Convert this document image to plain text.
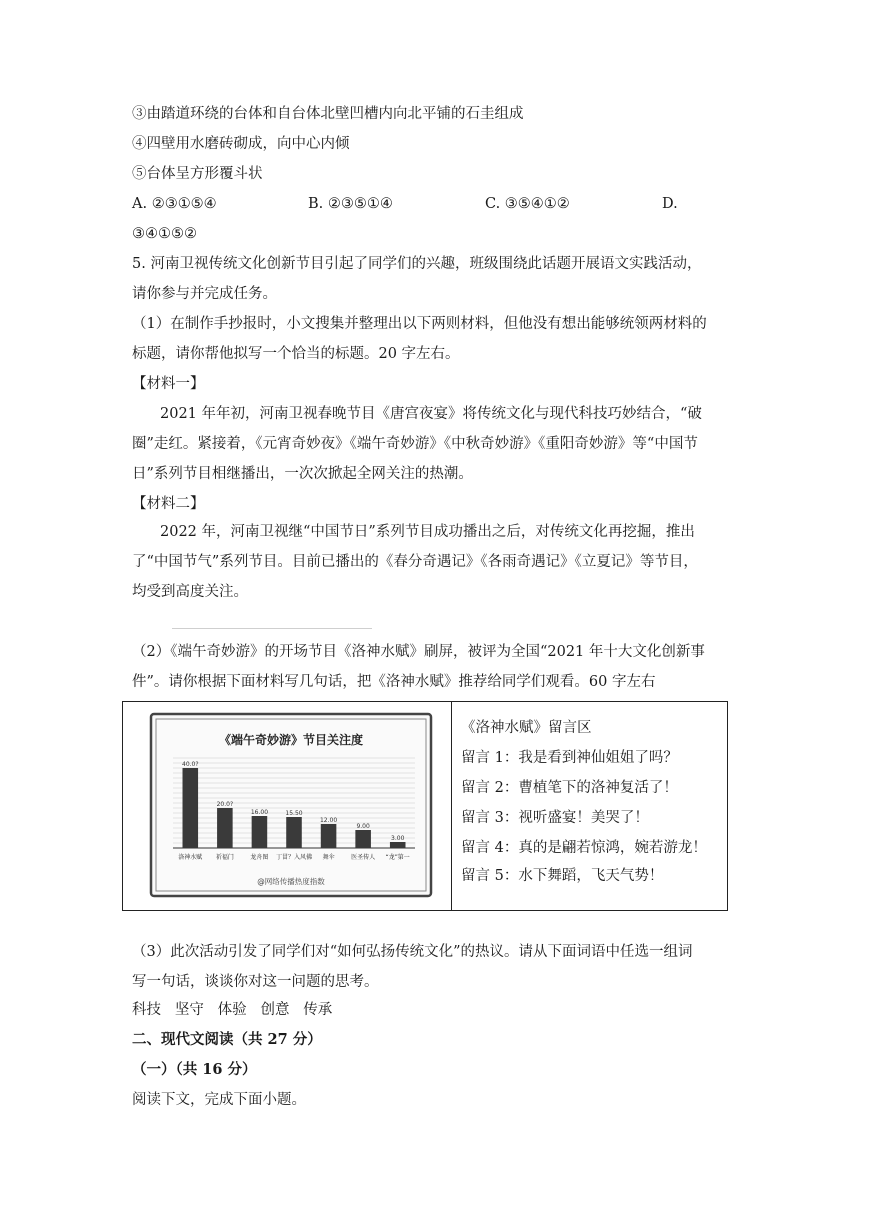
③由踏道环绕的台体和自台体北壁凹槽内向北平铺的石圭组成
④四壁用水磨砖砌成，向中心内倾
⑤台体呈方形覆斗状
A. ②③①⑤④	B. ②③⑤①④	C. ③⑤④①②	D.
③④①⑤②
5. 河南卫视传统文化创新节目引起了同学们的兴趣，班级围绕此话题开展语文实践活动，
请你参与并完成任务。
（1）在制作手抄报时，小文搜集并整理出以下两则材料，但他没有想出能够统领两材料的
标题，请你帮他拟写一个恰当的标题。20 字左右。
【材料一】
2021 年年初，河南卫视春晚节目《唐宫夜宴》将传统文化与现代科技巧妙结合，“破
圈”走红。紧接着，《元宵奇妙夜》《端午奇妙游》《中秋奇妙游》《重阳奇妙游》等“中国节
日”系列节目相继播出，一次次掀起全网关注的热潮。
【材料二】
2022 年，河南卫视继“中国节日”系列节目成功播出之后，对传统文化再挖掘，推出
了“中国节气”系列节目。目前已播出的《春分奇遇记》《各雨奇遇记》《立夏记》等节目，
均受到高度关注。
（2）《端午奇妙游》的开场节目《洛神水赋》刷屏，被评为全国“2021 年十大文化创新事
件”。请你根据下面材料写几句话，把《洛神水赋》推荐给同学们观看。60 字左右
《端午奇妙游》节目关注度
40.0?
20.0?
16.00	15.50
12.00
9.00
3.00
洛神水赋 祈福门	龙舟图 丁冒？入风佛 舞伞	医圣传人 “龙”第一
@网络传播热度指数
《洛神水赋》留言区
留言 1：我是看到神仙姐姐了吗？
留言 2：曹植笔下的洛神复活了！
留言 3：视听盛宴！美哭了！
留言 4：真的是翩若惊鸿，婉若游龙！
留言 5：水下舞蹈，飞天气势！
（3）此次活动引发了同学们对“如何弘扬传统文化”的热议。请从下面词语中任选一组词
写一句话，谈谈你对这一问题的思考。
科技   坚守   体验   创意   传承
二、现代文阅读（共 27 分）
（一）（共 16 分）
阅读下文，完成下面小题。
